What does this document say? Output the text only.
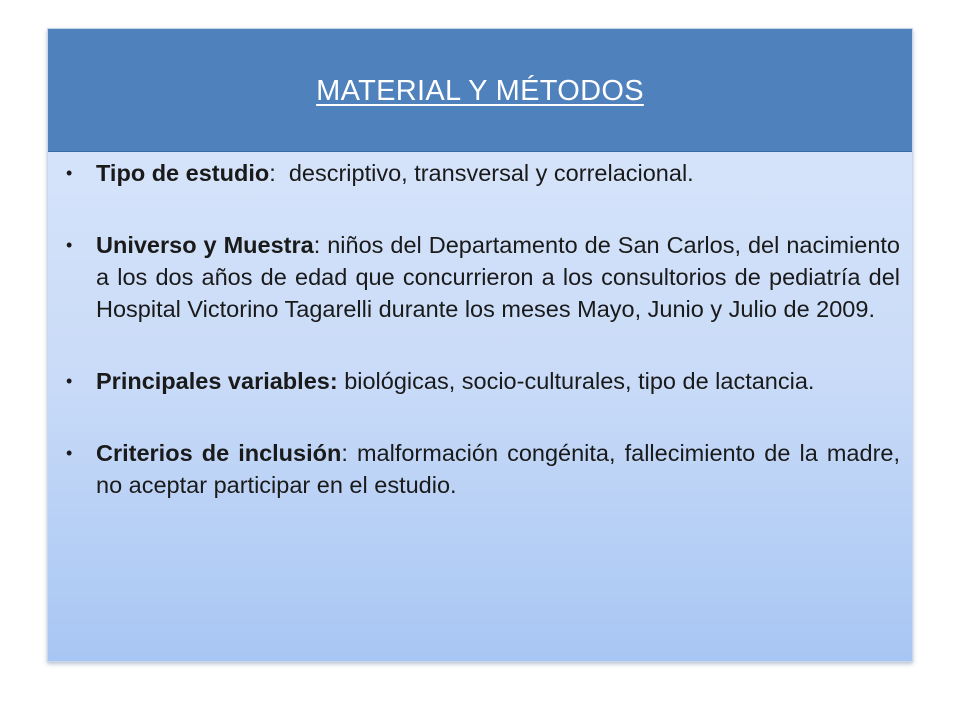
MATERIAL Y MÉTODOS
• Tipo de estudio:  descriptivo, transversal y correlacional.
• Universo y Muestra: niños del Departamento de San Carlos, del nacimiento a los dos años de edad que concurrieron a los consultorios de pediatría del Hospital Victorino Tagarelli durante los meses Mayo, Junio y Julio de 2009.
• Principales variables: biológicas, socio-culturales, tipo de lactancia.
• Criterios de inclusión: malformación congénita, fallecimiento de la madre, no aceptar participar en el estudio.
